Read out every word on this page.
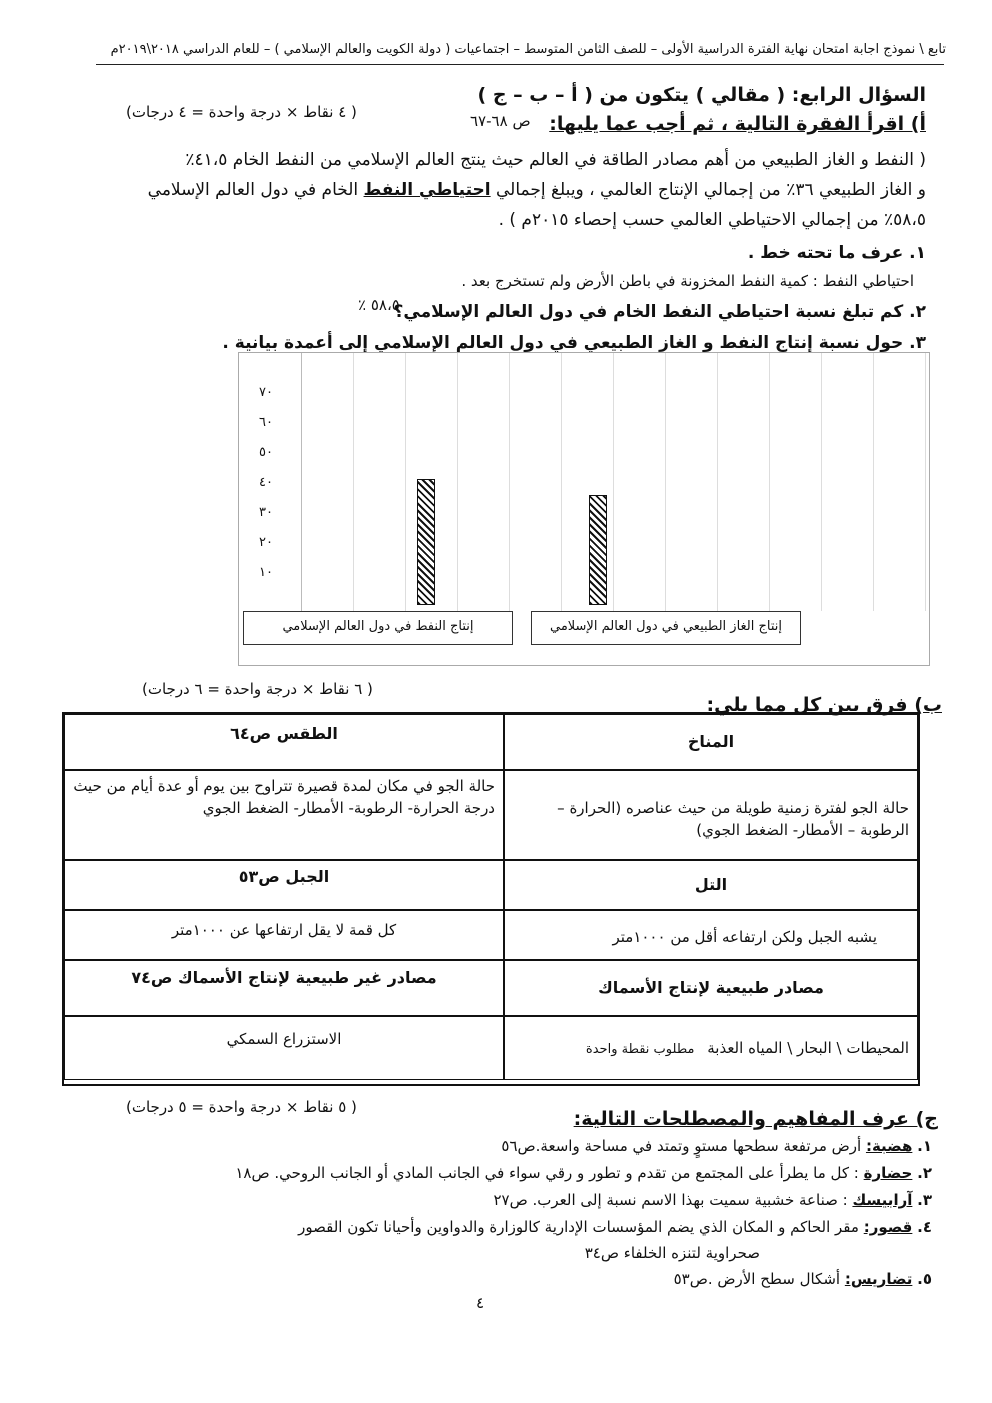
تابع \ نموذج اجابة امتحان نهاية الفترة الدراسية الأولى – للصف الثامن المتوسط – اجتماعيات ( دولة الكويت والعالم الإسلامي ) – للعام الدراسي ٢٠١٨\٢٠١٩م
السؤال الرابع: ( مقالي ) يتكون من ( أ – ب – ج )
أ) اقرأ الفقرة التالية ، ثم أجب عما يليها:
ص ٦٨-٦٧
( ٤ نقاط × درجة واحدة = ٤ درجات)
( النفط و الغاز الطبيعي من أهم مصادر الطاقة في العالم حيث ينتج العالم الإسلامي من النفط الخام ٤١،٥٪
و الغاز الطبيعي ٣٦٪ من إجمالي الإنتاج العالمي ، ويبلغ إجمالي احتياطي النفط الخام في دول العالم الإسلامي
٥٨،٥٪ من إجمالي الاحتياطي العالمي حسب إحصاء ٢٠١٥م ) .
١. عرف ما تحته خط .
احتياطي النفط : كمية النفط المخزونة في باطن الأرض ولم تستخرج بعد .
٢. كم تبلغ نسبة احتياطي النفط الخام في دول العالم الإسلامي؟
٥٨،٥ ٪
٣. حول نسبة إنتاج النفط و الغاز الطبيعي في دول العالم الإسلامي إلى أعمدة بيانية .
١٠
٢٠
٣٠
٤٠
٥٠
٦٠
٧٠
إنتاج النفط في دول العالم الإسلامي	إنتاج الغاز الطبيعي في دول العالم الإسلامي
ب) فرق بين كل مما يلي:
( ٦ نقاط × درجة واحدة = ٦ درجات)
المناخ
الطقس ص٦٤
حالة الجو لفترة زمنية طويلة من حيث عناصره (الحرارة – الرطوبة – الأمطار- الضغط الجوي)
حالة الجو في مكان لمدة قصيرة تتراوح بين يوم أو عدة أيام من حيث درجة الحرارة- الرطوبة- الأمطار- الضغط الجوي
التل
الجبل ص٥٣
يشبه الجبل ولكن ارتفاعه أقل من ١٠٠٠متر
كل قمة لا يقل ارتفاعها عن ١٠٠٠متر
مصادر طبيعية لإنتاج الأسماك
مصادر غير طبيعية لإنتاج الأسماك ص٧٤
المحيطات \ البحار \ المياه العذبة مطلوب نقطة واحدة
الاستزراع السمكي
ج) عرف المفاهيم والمصطلحات التالية:
( ٥ نقاط × درجة واحدة = ٥ درجات)
١. هضبة: أرض مرتفعة سطحها مستوٍ وتمتد في مساحة واسعة.ص٥٦
٢. حضارة : كل ما يطرأ على المجتمع من تقدم و تطور و رقي سواء في الجانب المادي أو الجانب الروحي. ص١٨
٣. آرابيسك : صناعة خشبية سميت بهذا الاسم نسبة إلى العرب. ص٢٧
٤. قصور: مقر الحاكم و المكان الذي يضم المؤسسات الإدارية كالوزارة والدواوين وأحيانا تكون القصور
صحراوية لتنزه الخلفاء ص٣٤
٥. تضاريس: أشكال سطح الأرض .ص٥٣
٤
